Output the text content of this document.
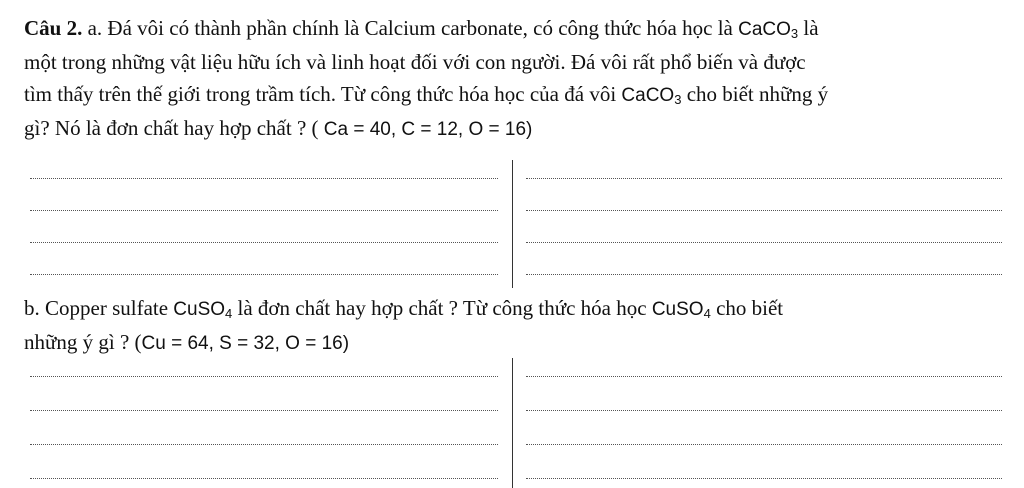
Câu 2. a. Đá vôi có thành phần chính là Calcium carbonate, có công thức hóa học là CaCO$_3$ là
một trong những vật liệu hữu ích và linh hoạt đối với con người. Đá vôi rất phổ biến và được
tìm thấy trên thế giới trong trầm tích. Từ công thức hóa học của đá vôi CaCO$_3$ cho biết những ý
gì? Nó là đơn chất hay hợp chất ? ( Ca = 40, C = 12, O = 16)
b. Copper sulfate CuSO$_4$ là đơn chất hay hợp chất ? Từ công thức hóa học CuSO$_4$ cho biết
những ý gì ? (Cu = 64, S = 32, O = 16)
